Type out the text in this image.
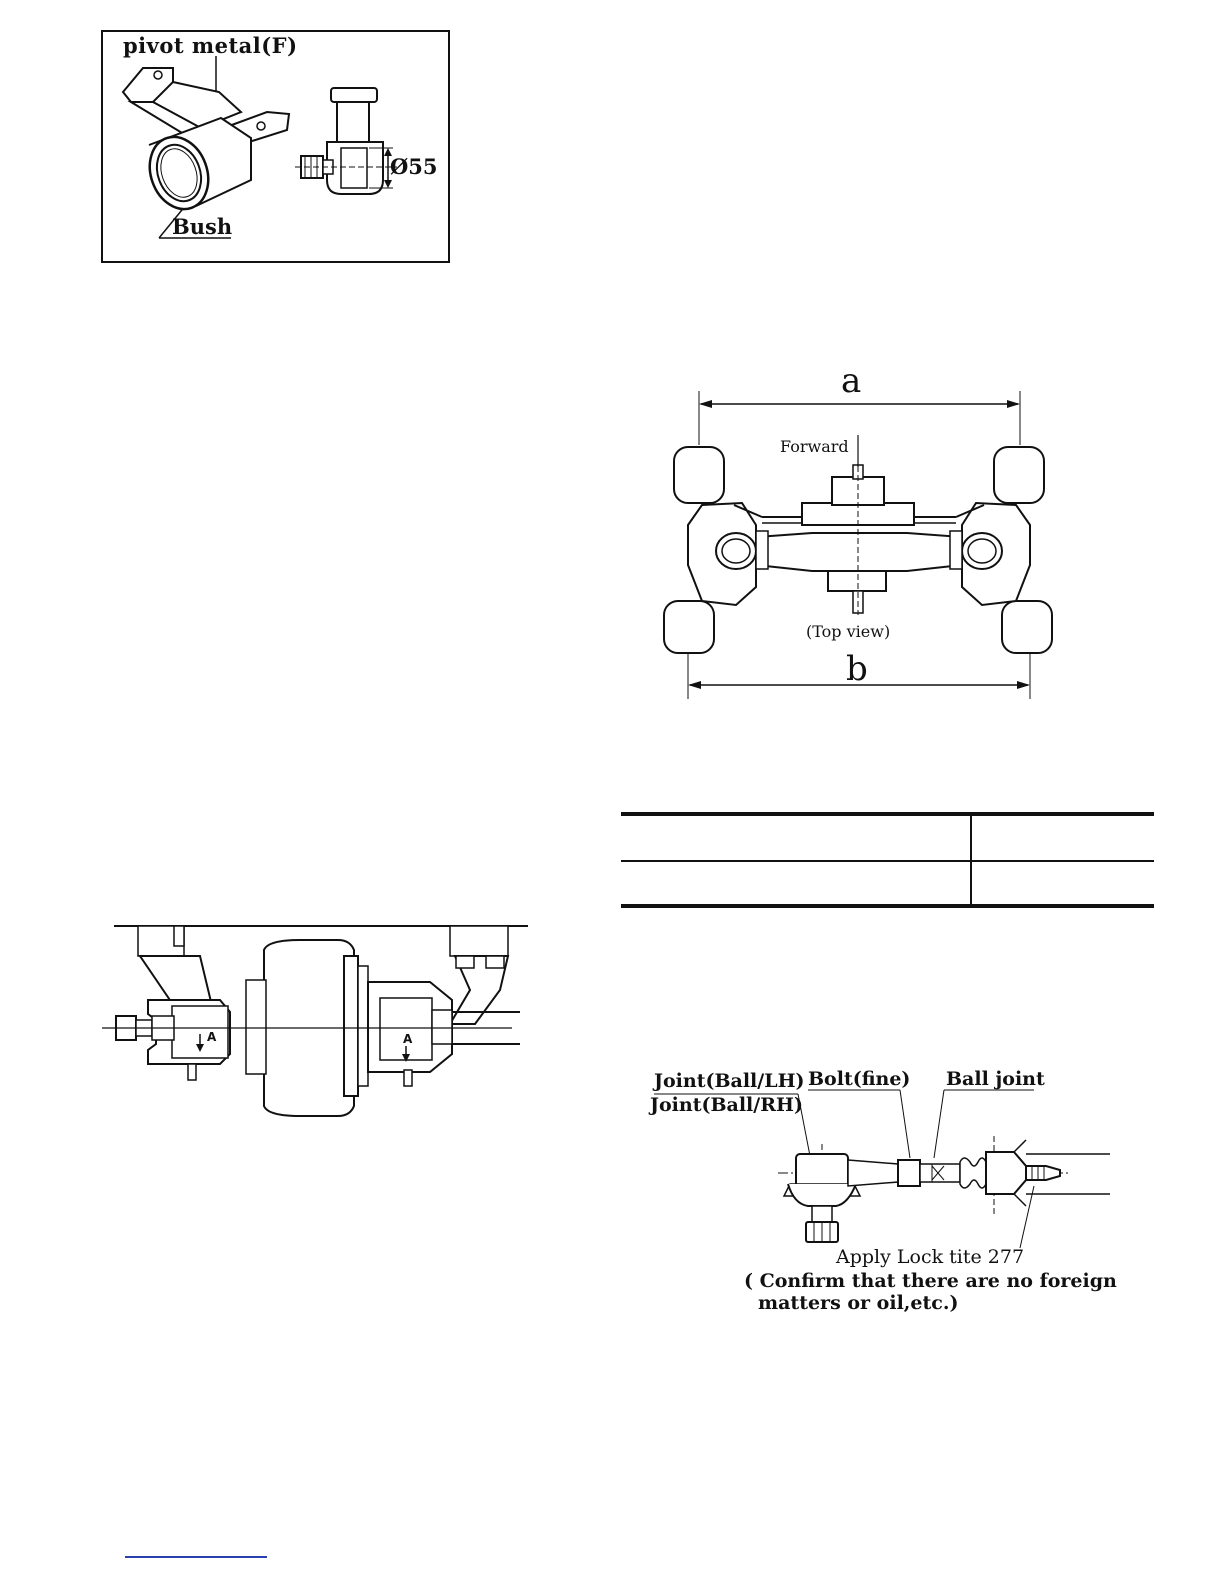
pivot metal(F)
Bush
Ø55
A	A
a
Forward
(Top view)
b
Joint(Ball/LH)
Joint(Ball/RH)
Bolt(fine) Ball joint
Apply Lock tite 277
( Confirm that there are no foreign
matters or oil,etc.)
